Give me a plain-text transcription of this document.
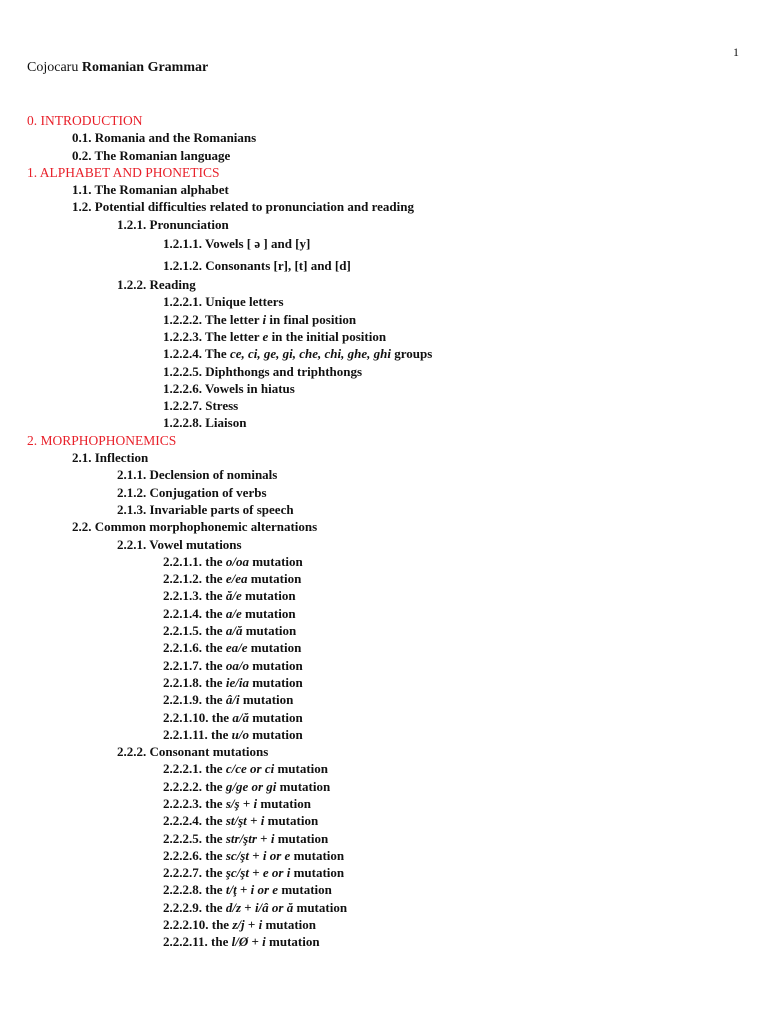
1
Cojocaru Romanian Grammar
0. INTRODUCTION
0.1. Romania and the Romanians
0.2. The Romanian language
1. ALPHABET AND PHONETICS
1.1. The Romanian alphabet
1.2. Potential difficulties related to pronunciation and reading
1.2.1. Pronunciation
1.2.1.1. Vowels [ ə ] and [y]
1.2.1.2. Consonants [r], [t] and [d]
1.2.2. Reading
1.2.2.1. Unique letters
1.2.2.2. The letter i in final position
1.2.2.3. The letter e in the initial position
1.2.2.4. The ce, ci, ge, gi, che, chi, ghe, ghi groups
1.2.2.5. Diphthongs and triphthongs
1.2.2.6. Vowels in hiatus
1.2.2.7. Stress
1.2.2.8. Liaison
2. MORPHOPHONEMICS
2.1. Inflection
2.1.1. Declension of nominals
2.1.2. Conjugation of verbs
2.1.3. Invariable parts of speech
2.2. Common morphophonemic alternations
2.2.1. Vowel mutations
2.2.1.1. the o/oa mutation
2.2.1.2. the e/ea mutation
2.2.1.3. the ă/e mutation
2.2.1.4. the a/e mutation
2.2.1.5. the a/ă mutation
2.2.1.6. the ea/e mutation
2.2.1.7. the oa/o mutation
2.2.1.8. the ie/ia mutation
2.2.1.9. the â/i mutation
2.2.1.10. the a/ă mutation
2.2.1.11. the u/o mutation
2.2.2. Consonant mutations
2.2.2.1. the c/ce or ci mutation
2.2.2.2. the g/ge or gi mutation
2.2.2.3. the s/ş + i mutation
2.2.2.4. the st/şt + i mutation
2.2.2.5. the str/ştr + i mutation
2.2.2.6. the sc/şt + i or e mutation
2.2.2.7. the şc/şt + e or i mutation
2.2.2.8. the t/ţ + i or e mutation
2.2.2.9. the d/z + i/â or ă mutation
2.2.2.10. the z/j + i mutation
2.2.2.11. the l/Ø + i mutation
